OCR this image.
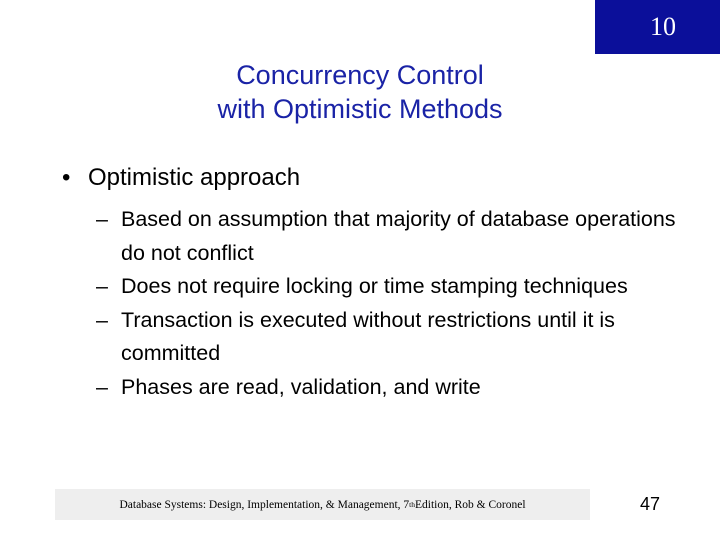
10
Concurrency Control
with Optimistic Methods
• Optimistic approach
– Based on assumption that majority of database operations do not conflict
– Does not require locking or time stamping techniques
– Transaction is executed without restrictions until it is committed
– Phases are read, validation, and write
Database Systems: Design, Implementation, & Management, 7 th Edition, Rob & Coronel	47
